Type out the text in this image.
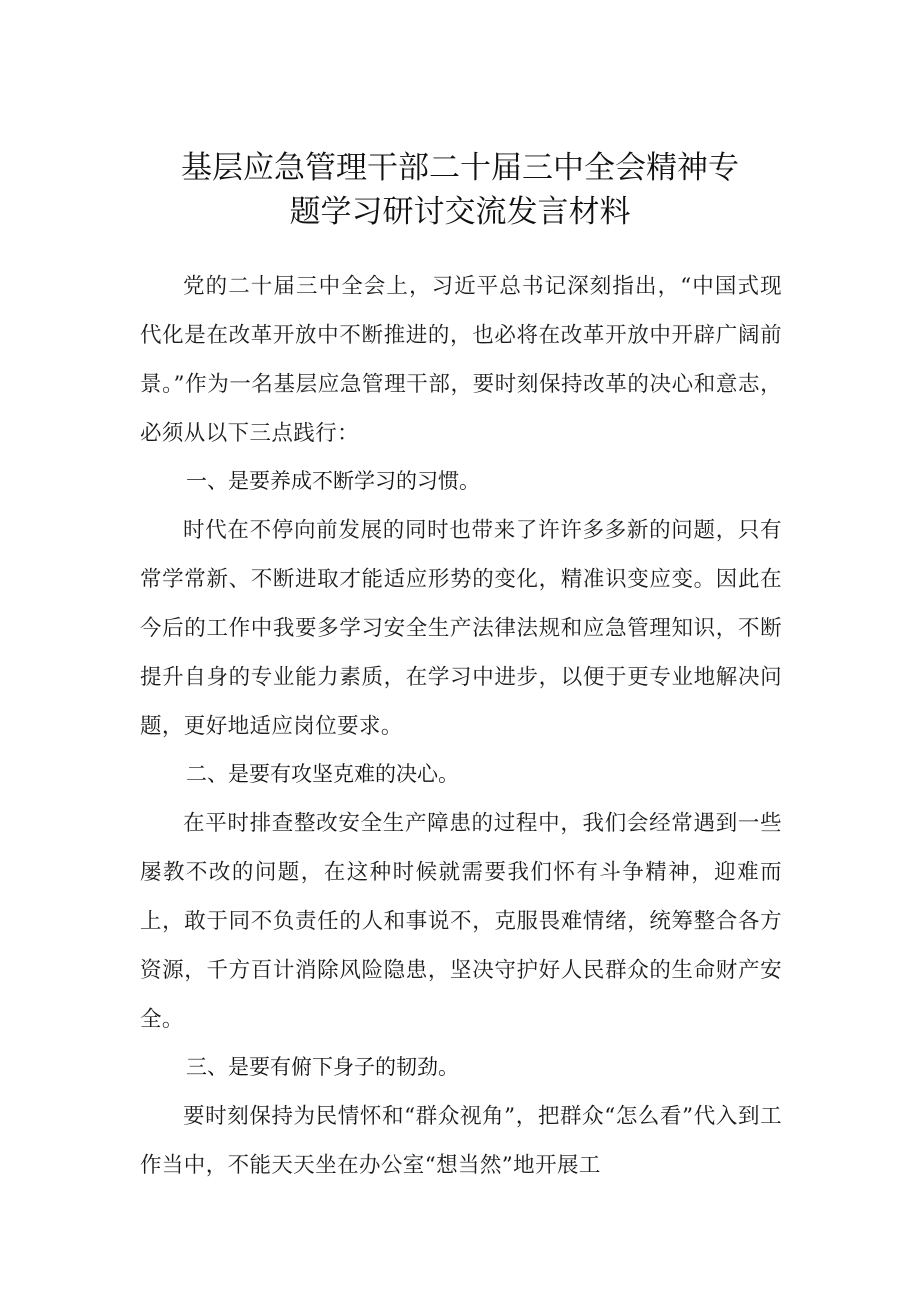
基层应急管理干部二十届三中全会精神专
题学习研讨交流发言材料

党的二十届三中全会上，习近平总书记深刻指出，“中国式现代化是在改革开放中不断推进的，也必将在改革开放中开辟广阔前景。”作为一名基层应急管理干部，要时刻保持改革的决心和意志，必须从以下三点践行：

一、是要养成不断学习的习惯。

时代在不停向前发展的同时也带来了许许多多新的问题，只有常学常新、不断进取才能适应形势的变化，精准识变应变。因此在今后的工作中我要多学习安全生产法律法规和应急管理知识，不断提升自身的专业能力素质，在学习中进步，以便于更专业地解决问题，更好地适应岗位要求。

二、是要有攻坚克难的决心。

在平时排查整改安全生产障患的过程中，我们会经常遇到一些屡教不改的问题，在这种时候就需要我们怀有斗争精神，迎难而上，敢于同不负责任的人和事说不，克服畏难情绪，统筹整合各方资源，千方百计消除风险隐患，坚决守护好人民群众的生命财产安全。

三、是要有俯下身子的韧劲。

要时刻保持为民情怀和“群众视角”，把群众“怎么看”代入到工作当中，不能天天坐在办公室“想当然”地开展工
